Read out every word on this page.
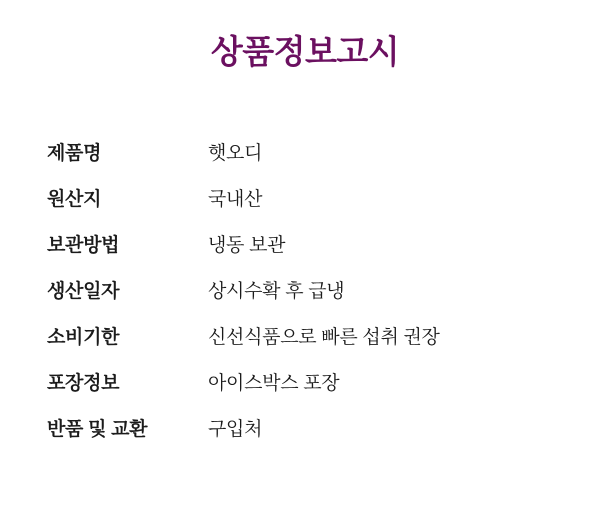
상품정보고시
제품명	햇오디
원산지	국내산
보관방법	냉동 보관
생산일자	상시수확 후 급냉
소비기한	신선식품으로 빠른 섭취 권장
포장정보	아이스박스 포장
반품 및 교환	구입처
